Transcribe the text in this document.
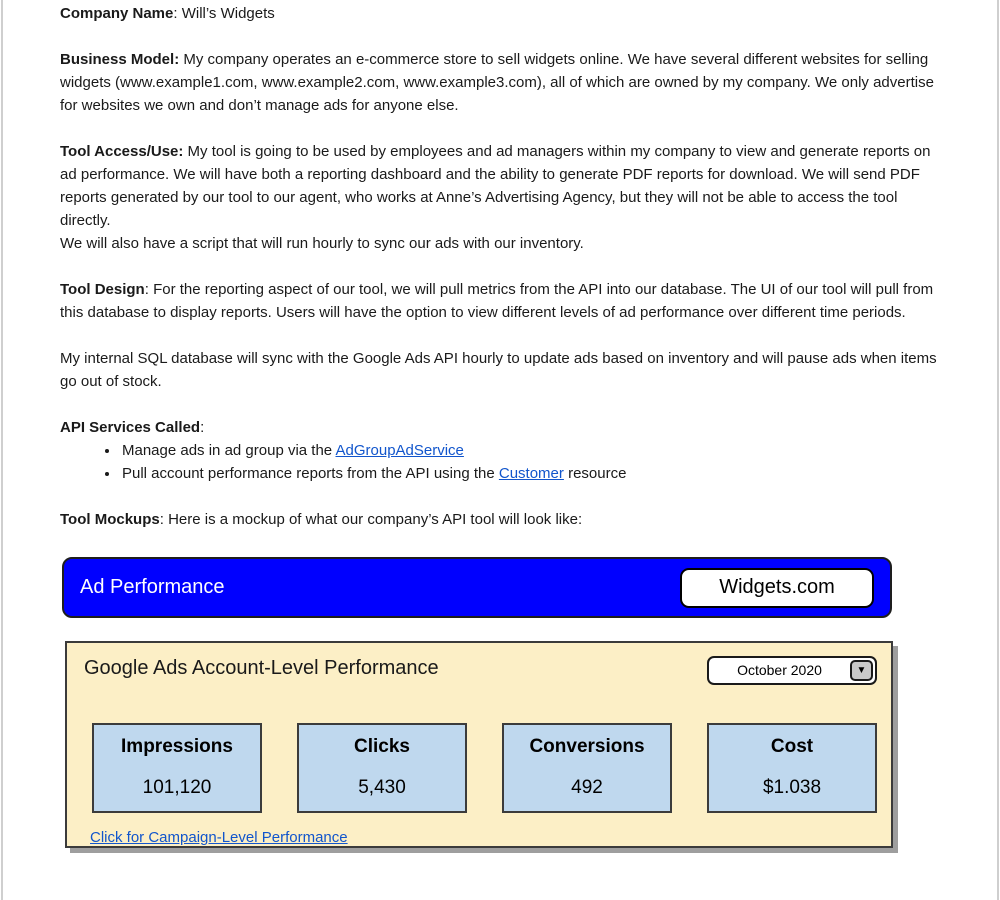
Company Name: Will’s Widgets
Business Model: My company operates an e-commerce store to sell widgets online. We have several different websites for selling widgets (www.example1.com, www.example2.com, www.example3.com), all of which are owned by my company. We only advertise for websites we own and don’t manage ads for anyone else.
Tool Access/Use: My tool is going to be used by employees and ad managers within my company to view and generate reports on ad performance. We will have both a reporting dashboard and the ability to generate PDF reports for download. We will send PDF reports generated by our tool to our agent, who works at Anne’s Advertising Agency, but they will not be able to access the tool directly.
We will also have a script that will run hourly to sync our ads with our inventory.
Tool Design: For the reporting aspect of our tool, we will pull metrics from the API into our database. The UI of our tool will pull from this database to display reports. Users will have the option to view different levels of ad performance over different time periods.
My internal SQL database will sync with the Google Ads API hourly to update ads based on inventory and will pause ads when items go out of stock.
API Services Called:
• Manage ads in ad group via the AdGroupAdService
• Pull account performance reports from the API using the Customer resource
Tool Mockups: Here is a mockup of what our company’s API tool will look like:
Ad Performance	Widgets.com
Google Ads Account-Level Performance	October 2020	▼
Impressions
101,120
Clicks
5,430
Conversions
492
Cost
$1.038
Click for Campaign-Level Performance
